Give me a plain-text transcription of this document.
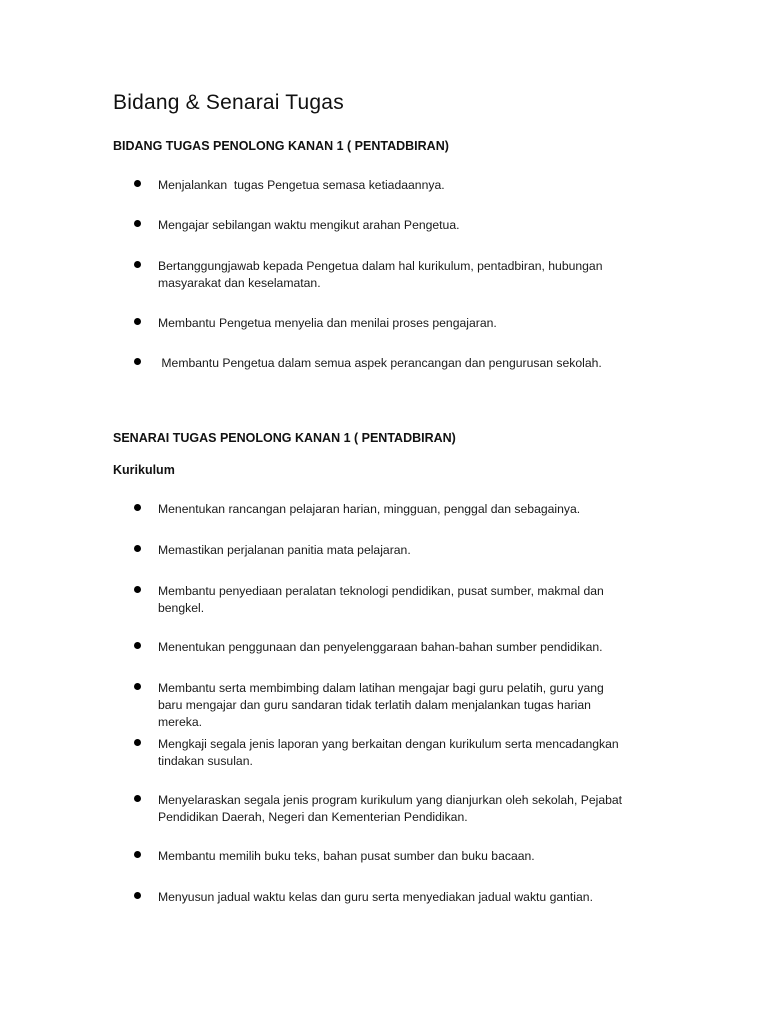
Bidang & Senarai Tugas
BIDANG TUGAS PENOLONG KANAN 1 ( PENTADBIRAN)
Menjalankan  tugas Pengetua semasa ketiadaannya.
Mengajar sebilangan waktu mengikut arahan Pengetua.
Bertanggungjawab kepada Pengetua dalam hal kurikulum, pentadbiran, hubungan masyarakat dan keselamatan.
Membantu Pengetua menyelia dan menilai proses pengajaran.
Membantu Pengetua dalam semua aspek perancangan dan pengurusan sekolah.
SENARAI TUGAS PENOLONG KANAN 1 ( PENTADBIRAN)
Kurikulum
Menentukan rancangan pelajaran harian, mingguan, penggal dan sebagainya.
Memastikan perjalanan panitia mata pelajaran.
Membantu penyediaan peralatan teknologi pendidikan, pusat sumber, makmal dan bengkel.
Menentukan penggunaan dan penyelenggaraan bahan-bahan sumber pendidikan.
Membantu serta membimbing dalam latihan mengajar bagi guru pelatih, guru yang baru mengajar dan guru sandaran tidak terlatih dalam menjalankan tugas harian mereka.
Mengkaji segala jenis laporan yang berkaitan dengan kurikulum serta mencadangkan tindakan susulan.
Menyelaraskan segala jenis program kurikulum yang dianjurkan oleh sekolah, Pejabat Pendidikan Daerah, Negeri dan Kementerian Pendidikan.
Membantu memilih buku teks, bahan pusat sumber dan buku bacaan.
Menyusun jadual waktu kelas dan guru serta menyediakan jadual waktu gantian.
